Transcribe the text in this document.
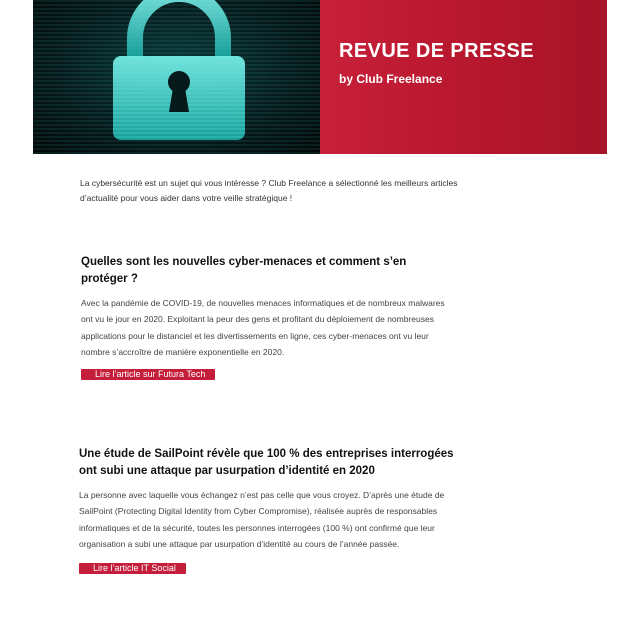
REVUE DE PRESSE
by Club Freelance

La cybersécurité est un sujet qui vous intéresse ? Club Freelance a sélectionné les meilleurs articles d’actualité pour vous aider dans votre veille stratégique !

Quelles sont les nouvelles cyber-menaces et comment s’en protéger ?

Avec la pandémie de COVID-19, de nouvelles menaces informatiques et de nombreux malwares ont vu le jour en 2020. Exploitant la peur des gens et profitant du déploiement de nombreuses applications pour le distanciel et les divertissements en ligne, ces cyber-menaces ont vu leur nombre s’accroître de manière exponentielle en 2020.

Lire l’article sur Futura Tech
Une étude de SailPoint révèle que 100 % des entreprises interrogées ont subi une attaque par usurpation d’identité en 2020

La personne avec laquelle vous échangez n’est pas celle que vous croyez. D’après une étude de SailPoint (Protecting Digital Identity from Cyber Compromise), réalisée auprès de responsables informatiques et de la sécurité, toutes les personnes interrogées (100 %) ont confirmé que leur organisation a subi une attaque par usurpation d’identité au cours de l’année passée.

Lire l’article IT Social
